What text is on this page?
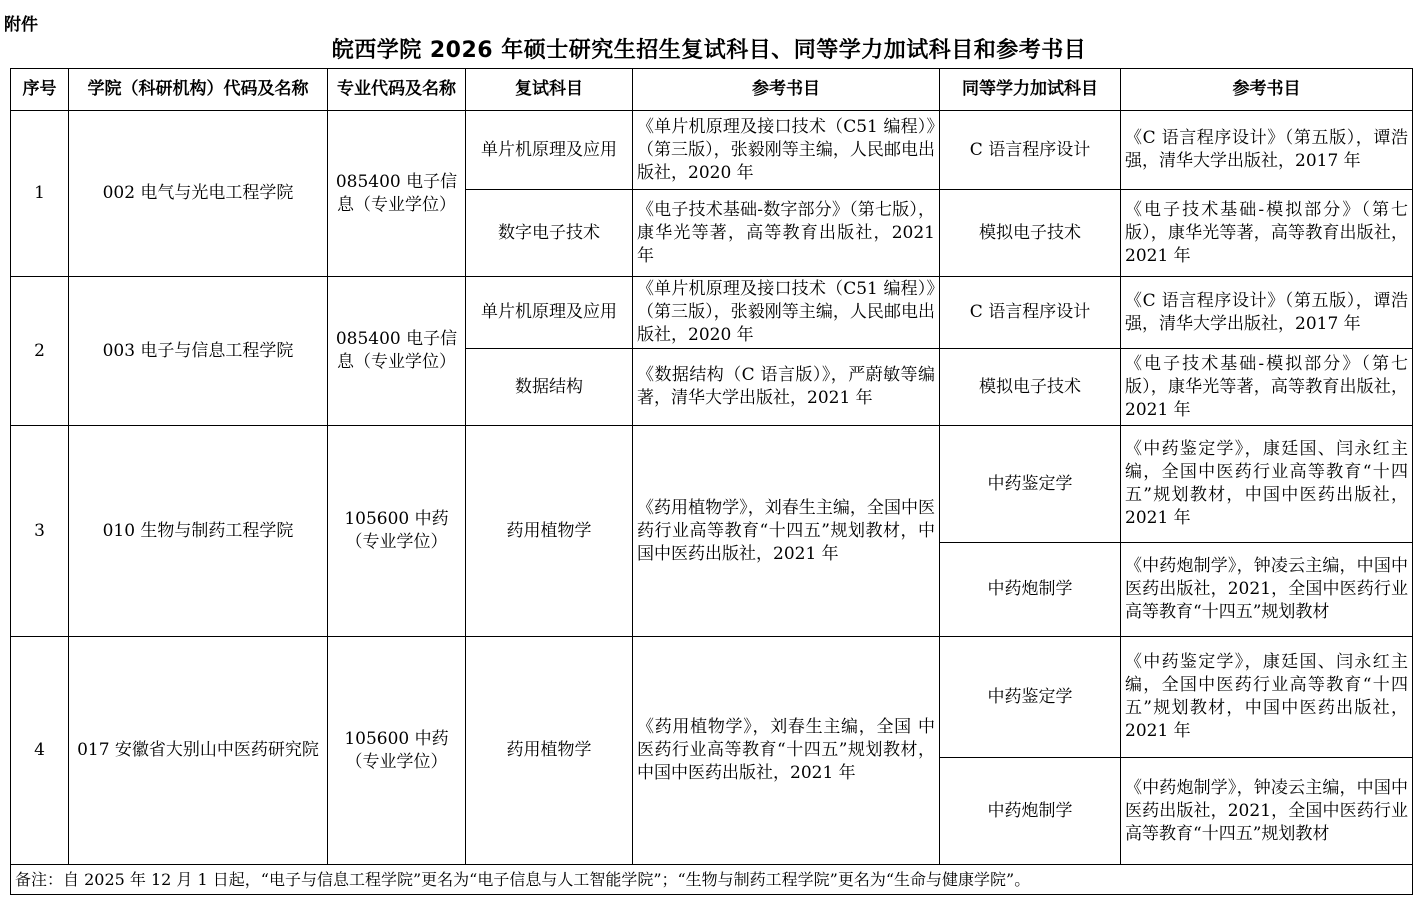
附件
皖西学院 2026 年硕士研究生招生复试科目、同等学力加试科目和参考书目
序号	学院（科研机构）代码及名称	专业代码及名称	复试科目	参考书目	同等学力加试科目	参考书目
1	002 电气与光电工程学院	085400 电子信息（专业学位）	单片机原理及应用	《单片机原理及接口技术（C51 编程）》（第三版），张毅刚等主编，人民邮电出版社，2020 年	C 语言程序设计	《C 语言程序设计》（第五版），谭浩强，清华大学出版社，2017 年
			数字电子技术	《电子技术基础-数字部分》（第七版），康华光等著，高等教育出版社，2021 年	模拟电子技术	《电子技术基础-模拟部分》（第七版），康华光等著，高等教育出版社，2021 年
2	003 电子与信息工程学院	085400 电子信息（专业学位）	单片机原理及应用	《单片机原理及接口技术（C51 编程）》（第三版），张毅刚等主编，人民邮电出版社，2020 年	C 语言程序设计	《C 语言程序设计》（第五版），谭浩强，清华大学出版社，2017 年
			数据结构	《数据结构（C 语言版）》，严蔚敏等编著，清华大学出版社，2021 年	模拟电子技术	《电子技术基础-模拟部分》（第七版），康华光等著，高等教育出版社，2021 年
3	010 生物与制药工程学院	105600 中药（专业学位）	药用植物学	《药用植物学》，刘春生主编，全国中医药行业高等教育“十四五”规划教材，中国中医药出版社，2021 年	中药鉴定学	《中药鉴定学》，康廷国、闫永红主编，全国中医药行业高等教育“十四五”规划教材，中国中医药出版社，2021 年
					中药炮制学	《中药炮制学》，钟凌云主编，中国中医药出版社，2021，全国中医药行业高等教育“十四五”规划教材
4	017 安徽省大别山中医药研究院	105600 中药（专业学位）	药用植物学	《药用植物学》，刘春生主编，全国 中医药行业高等教育“十四五”规划教材，中国中医药出版社，2021 年	中药鉴定学	《中药鉴定学》，康廷国、闫永红主编，全国中医药行业高等教育“十四五”规划教材，中国中医药出版社，2021 年
					中药炮制学	《中药炮制学》，钟凌云主编，中国中医药出版社，2021，全国中医药行业高等教育“十四五”规划教材
备注：自 2025 年 12 月 1 日起，“电子与信息工程学院”更名为“电子信息与人工智能学院”；“生物与制药工程学院”更名为“生命与健康学院”。						
